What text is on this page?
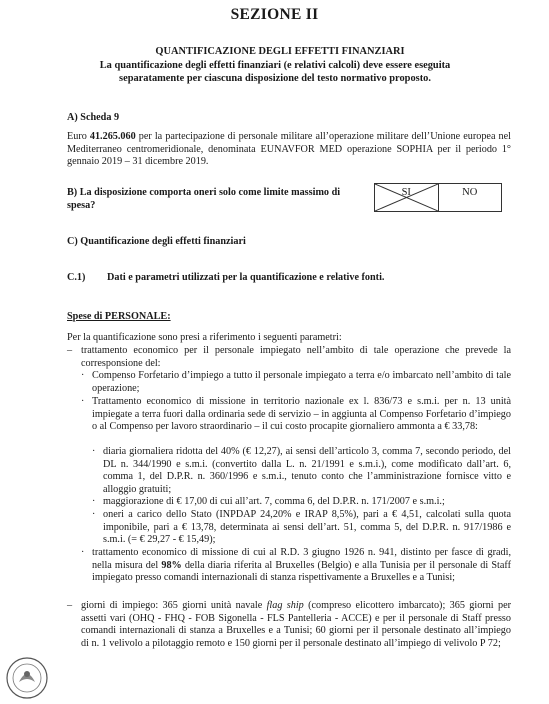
SEZIONE II

QUANTIFICAZIONE DEGLI EFFETTI FINANZIARI

La quantificazione degli effetti finanziari (e relativi calcoli) deve essere eseguita separatamente per ciascuna disposizione del testo normativo proposto.

A) Scheda 9

Euro 41.265.060 per la partecipazione di personale militare all’operazione militare dell’Unione europea nel Mediterraneo centromeridionale, denominata EUNAVFOR MED operazione SOPHIA per il periodo 1° gennaio 2019 – 31 dicembre 2019.

B) La disposizione comporta oneri solo come limite massimo di spesa?

SI	NO

C) Quantificazione degli effetti finanziari

C.1) Dati e parametri utilizzati per la quantificazione e relative fonti.

Spese di PERSONALE:

Per la quantificazione sono presi a riferimento i seguenti parametri:

– trattamento economico per il personale impiegato nell’ambito di tale operazione che prevede la corresponsione del:

· Compenso Forfetario d’impiego a tutto il personale impiegato a terra e/o imbarcato nell’ambito di tale operazione;

· Trattamento economico di missione in territorio nazionale ex l. 836/73 e s.m.i. per n. 13 unità impiegate a terra fuori dalla ordinaria sede di servizio – in aggiunta al Compenso Forfetario d’impiego o al Compenso per lavoro straordinario – il cui costo procapite giornaliero ammonta a € 33,78:

· diaria giornaliera ridotta del 40% (€ 12,27), ai sensi dell’articolo 3, comma 7, secondo periodo, del DL n. 344/1990 e s.m.i. (convertito dalla L. n. 21/1991 e s.m.i.), come modificato dall’art. 6, comma 1, del D.P.R. n. 360/1996 e s.m.i., tenuto conto che l’amministrazione fornisce vitto e alloggio gratuiti;

· maggiorazione di € 17,00 di cui all’art. 7, comma 6, del D.P.R. n. 171/2007 e s.m.i.;

· oneri a carico dello Stato (INPDAP 24,20% e IRAP 8,5%), pari a € 4,51, calcolati sulla quota imponibile, pari a € 13,78, determinata ai sensi dell’art. 51, comma 5, del D.P.R. n. 917/1986 e s.m.i. (= € 29,27 - € 15,49);

· trattamento economico di missione di cui al R.D. 3 giugno 1926 n. 941, distinto per fasce di gradi, nella misura del 98% della diaria riferita al Bruxelles (Belgio) e alla Tunisia per il personale di Staff impiegato presso comandi internazionali di stanza rispettivamente a Bruxelles e a Tunisi;

– giorni di impiego: 365 giorni unità navale flag ship (compreso elicottero imbarcato); 365 giorni per assetti vari (OHQ - FHQ - FOB Sigonella - FLS Pantelleria - ACCE) e per il personale di Staff presso comandi internazionali di stanza a Bruxelles e a Tunisi; 60 giorni per il personale destinato all’impiego di n. 1 velivolo a pilotaggio remoto e 150 giorni per il personale destinato all’impiego di velivolo P 72;
